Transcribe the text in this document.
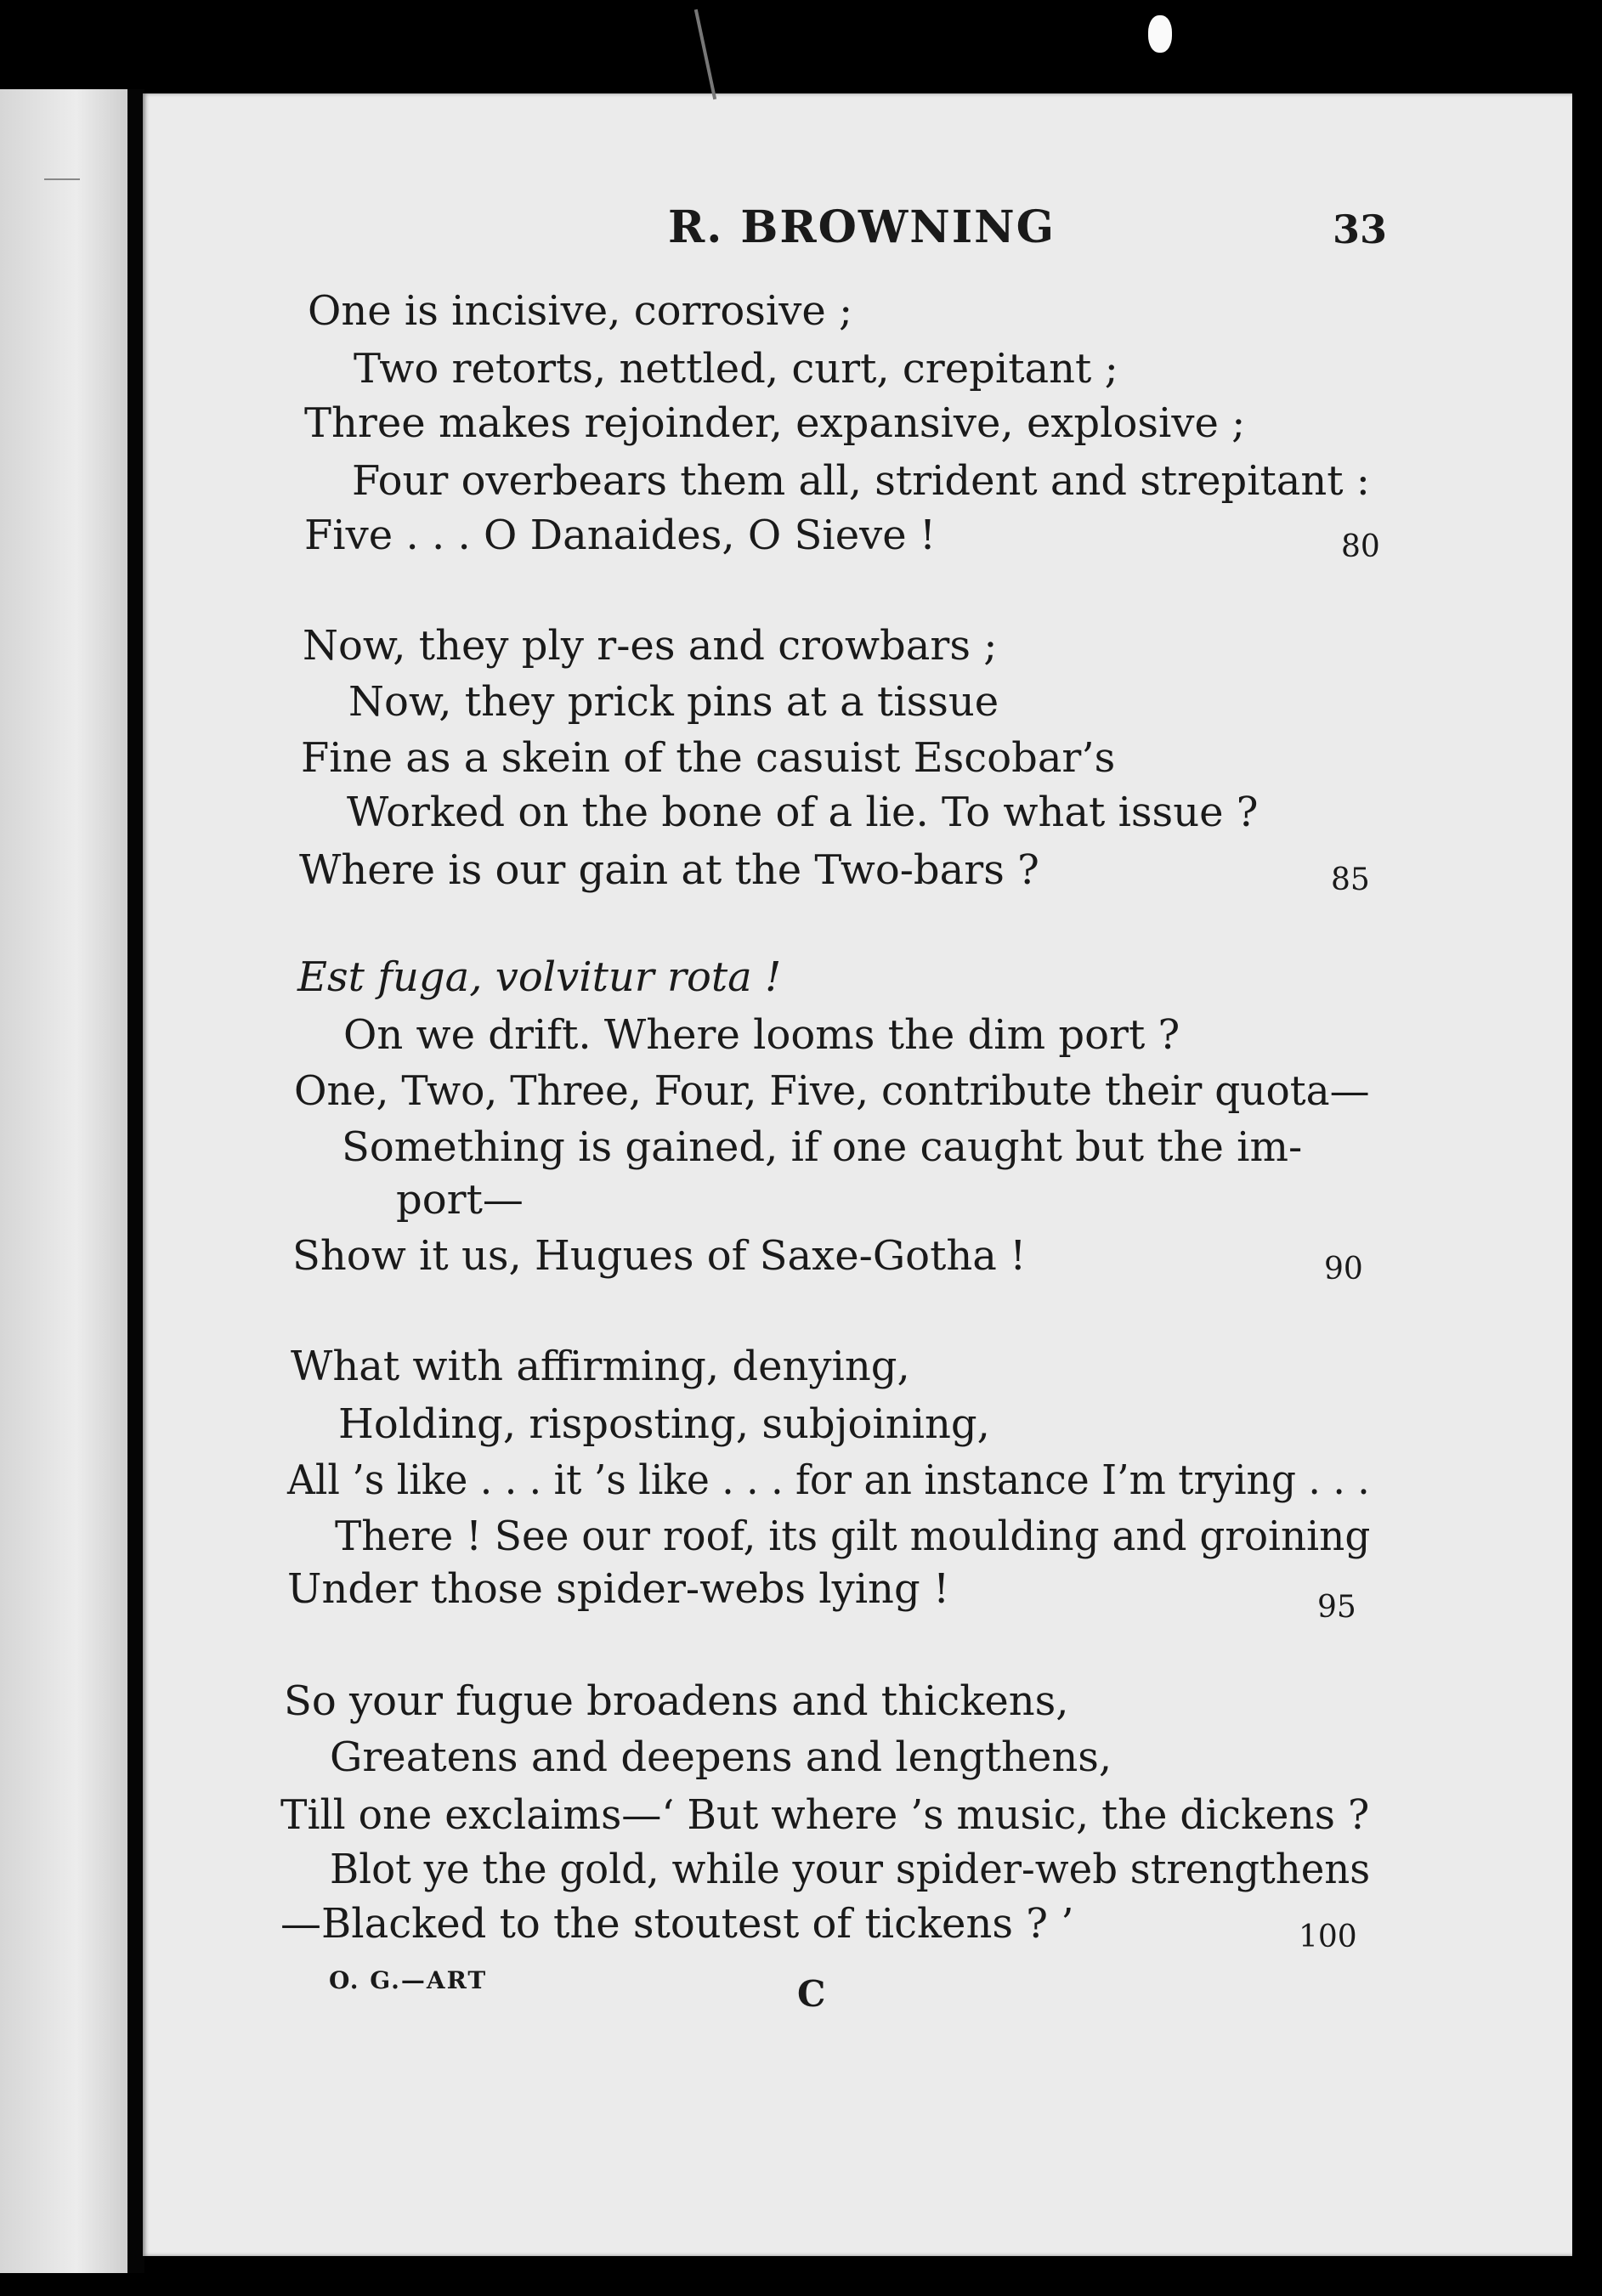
R. BROWNING	33
One is incisive, corrosive ;
Two retorts, nettled, curt, crepitant ;
Three makes rejoinder, expansive, explosive ;
Four overbears them all, strident and strepitant :
Five . . . O Danaides, O Sieve !	80
Now, they ply r‐es and crowbars ;
Now, they prick pins at a tissue
Fine as a skein of the casuist Escobar’s
Worked on the bone of a lie. To what issue ?
Where is our gain at the Two-bars ?	85
Est fuga, volvitur rota !
On we drift. Where looms the dim port ?
One, Two, Three, Four, Five, contribute their quota—
Something is gained, if one caught but the im-
port—
Show it us, Hugues of Saxe-Gotha !	90
What with affirming, denying,
Holding, risposting, subjoining,
All ’s like . . . it ’s like . . . for an instance I’m trying . . .
There ! See our roof, its gilt moulding and groining
Under those spider-webs lying !	95
So your fugue broadens and thickens,
Greatens and deepens and lengthens,
Till one exclaims—‘ But where ’s music, the dickens ?
Blot ye the gold, while your spider-web strengthens
—Blacked to the stoutest of tickens ? ’	100
O. G.—ART	C
